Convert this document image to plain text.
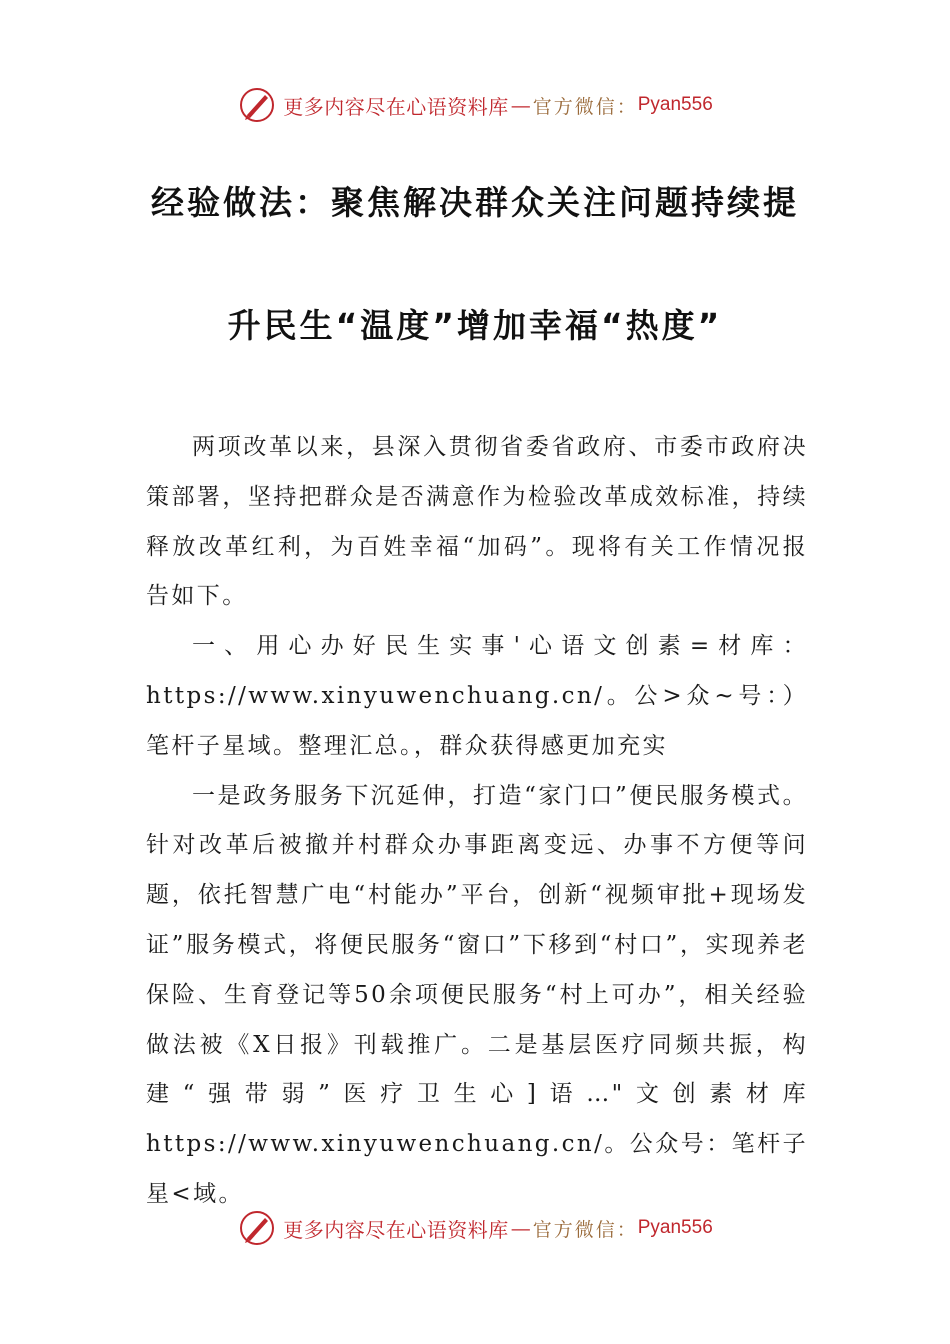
更多内容尽在心语资料库 — 官方微信： Pyan556
经验做法：聚焦解决群众关注问题持续提
升民生“温度”增加幸福“热度”

两项改革以来，县深入贯彻省委省政府、市委市政府决策部署，坚持把群众是否满意作为检验改革成效标准，持续释放改革红利，为百姓幸福“加码”。现将有关工作情况报告如下。

一、用心办好民生实事'心语文创素=材库：https://www.xinyuwenchuang.cn/。公>众~号：）笔杆子星域。整理汇总。，群众获得感更加充实

一是政务服务下沉延伸，打造“家门口”便民服务模式。针对改革后被撤并村群众办事距离变远、办事不方便等问题，依托智慧广电“村能办”平台，创新“视频审批+现场发证”服务模式，将便民服务“窗口”下移到“村口”，实现养老保险、生育登记等50余项便民服务“村上可办”，相关经验做法被《X日报》刊载推广。二是基层医疗同频共振，构建“强带弱”医疗卫生心]语…"文创素材库https://www.xinyuwenchuang.cn/。公众号：笔杆子星<域。

更多内容尽在心语资料库 — 官方微信： Pyan556
